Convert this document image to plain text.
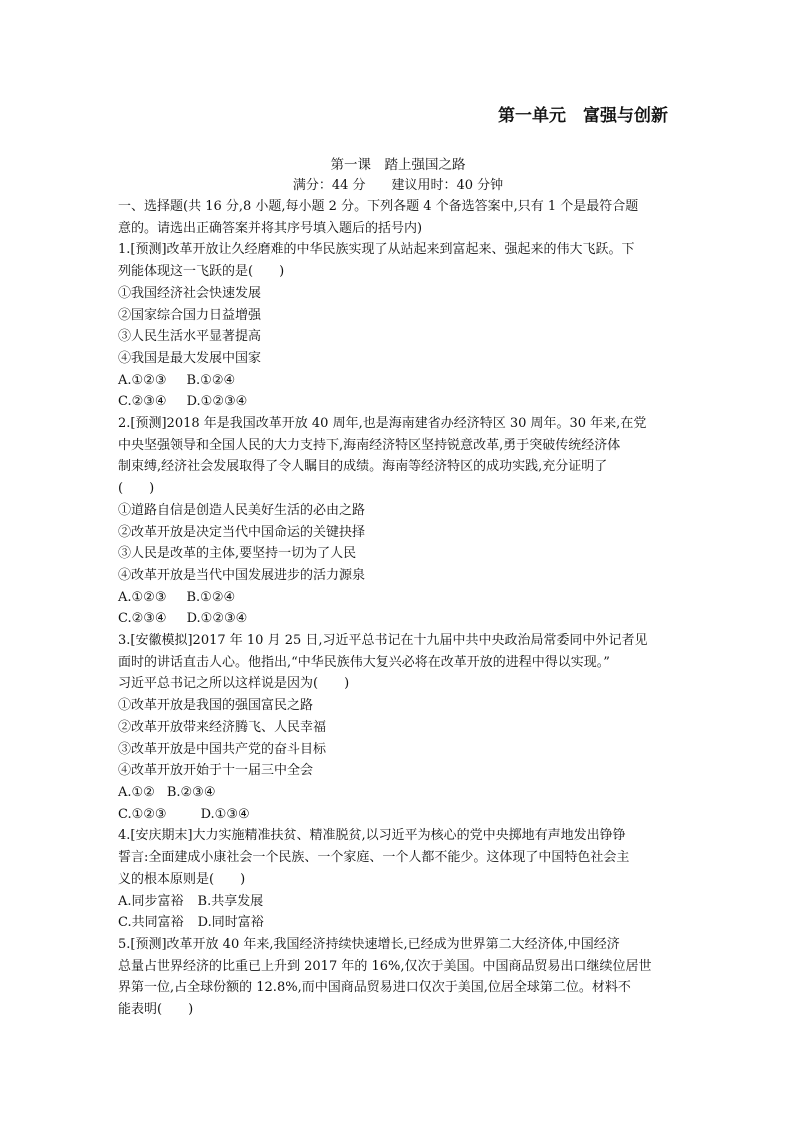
第一单元　富强与创新
第一课　踏上强国之路
满分：44 分　　建议用时：40 分钟
一、选择题(共 16 分,8 小题,每小题 2 分。下列各题 4 个备选答案中,只有 1 个是最符合题
意的。请选出正确答案并将其序号填入题后的括号内)
1.[预测]改革开放让久经磨难的中华民族实现了从站起来到富起来、强起来的伟大飞跃。下
列能体现这一飞跃的是(　　)
①我国经济社会快速发展
②国家综合国力日益增强
③人民生活水平显著提高
④我国是最大发展中国家
A.①②③ B.①②④
C.②③④ D.①②③④
2.[预测]2018 年是我国改革开放 40 周年,也是海南建省办经济特区 30 周年。30 年来,在党
中央坚强领导和全国人民的大力支持下,海南经济特区坚持锐意改革,勇于突破传统经济体
制束缚,经济社会发展取得了令人瞩目的成绩。海南等经济特区的成功实践,充分证明了
(　　)
①道路自信是创造人民美好生活的必由之路
②改革开放是决定当代中国命运的关键抉择
③人民是改革的主体,要坚持一切为了人民
④改革开放是当代中国发展进步的活力源泉
A.①②③ B.①②④
C.②③④ D.①②③④
3.[安徽模拟]2017 年 10 月 25 日,习近平总书记在十九届中共中央政治局常委同中外记者见
面时的讲话直击人心。他指出,“中华民族伟大复兴必将在改革开放的进程中得以实现。”
习近平总书记之所以这样说是因为(　　)
①改革开放是我国的强国富民之路
②改革开放带来经济腾飞、人民幸福
③改革开放是中国共产党的奋斗目标
④改革开放开始于十一届三中全会
A.①② B.②③④
C.①②③	D.①③④
4.[安庆期末]大力实施精准扶贫、精准脱贫,以习近平为核心的党中央掷地有声地发出铮铮
誓言:全面建成小康社会一个民族、一个家庭、一个人都不能少。这体现了中国特色社会主
义的根本原则是(　　)
A.同步富裕 B.共享发展
C.共同富裕 D.同时富裕
5.[预测]改革开放 40 年来,我国经济持续快速增长,已经成为世界第二大经济体,中国经济
总量占世界经济的比重已上升到 2017 年的 16%,仅次于美国。中国商品贸易出口继续位居世
界第一位,占全球份额的 12.8%,而中国商品贸易进口仅次于美国,位居全球第二位。材料不
能表明(　　)
